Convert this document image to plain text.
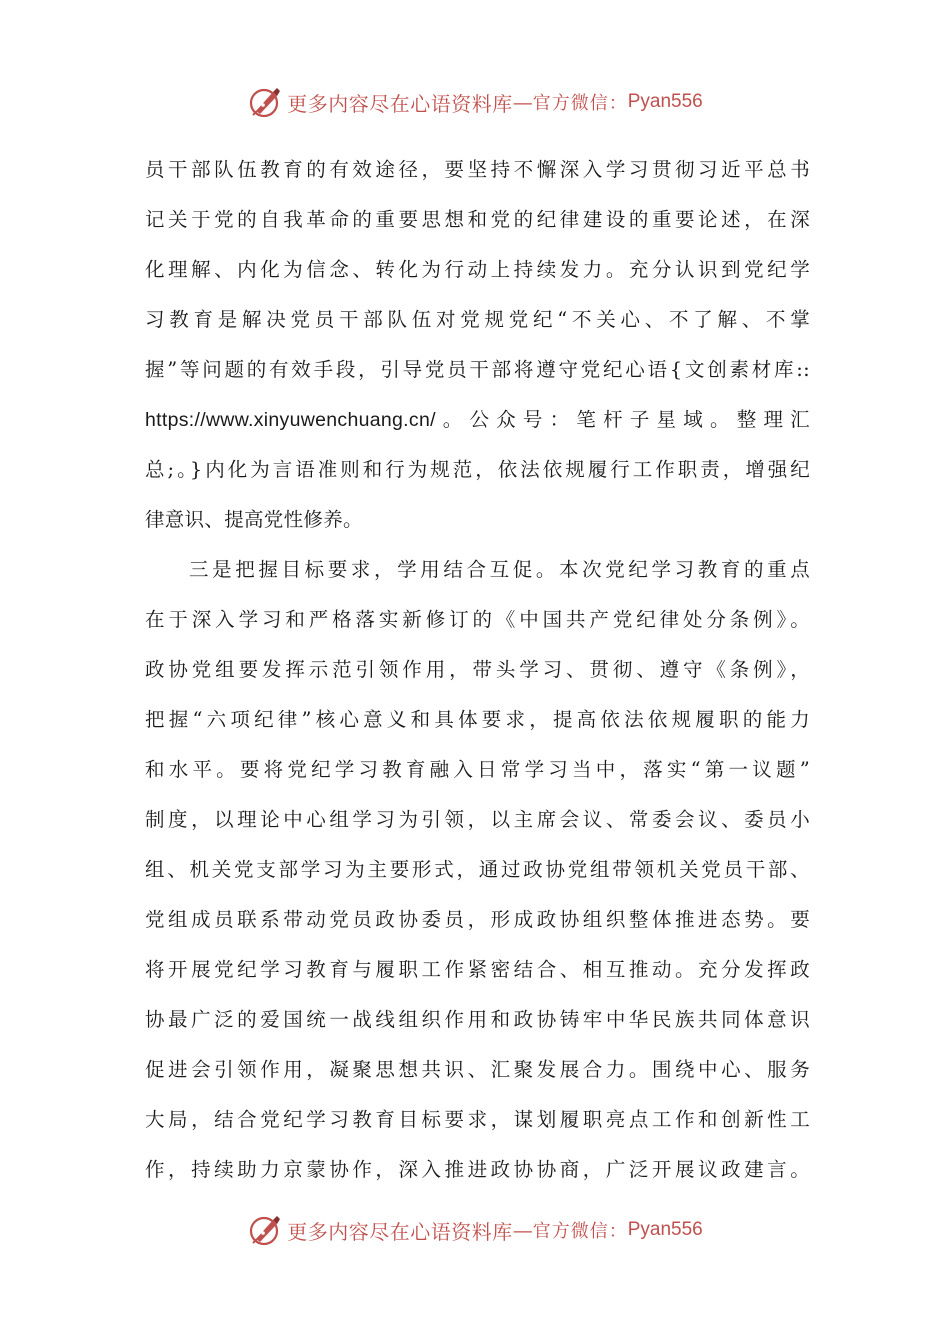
更多内容尽在心语资料库 — 官方微信： Pyan556
员干部队伍教育的有效途径，要坚持不懈深入学习贯彻习近平总书
记关于党的自我革命的重要思想和党的纪律建设的重要论述，在深
化理解、内化为信念、转化为行动上持续发力。充分认识到党纪学
习教育是解决党员干部队伍对党规党纪“不关心、不了解、不掌
握”等问题的有效手段，引导党员干部将遵守党纪心语{文创素材库::
https://www.xinyuwenchuang.cn/。公众号：笔杆子星域。整理汇
总;。}内化为言语准则和行为规范，依法依规履行工作职责，增强纪
律意识、提高党性修养。
三是把握目标要求，学用结合互促。本次党纪学习教育的重点
在于深入学习和严格落实新修订的《中国共产党纪律处分条例》。
政协党组要发挥示范引领作用，带头学习、贯彻、遵守《条例》，
把握“六项纪律”核心意义和具体要求，提高依法依规履职的能力
和水平。要将党纪学习教育融入日常学习当中，落实“第一议题”
制度，以理论中心组学习为引领，以主席会议、常委会议、委员小
组、机关党支部学习为主要形式，通过政协党组带领机关党员干部、
党组成员联系带动党员政协委员，形成政协组织整体推进态势。要
将开展党纪学习教育与履职工作紧密结合、相互推动。充分发挥政
协最广泛的爱国统一战线组织作用和政协铸牢中华民族共同体意识
促进会引领作用，凝聚思想共识、汇聚发展合力。围绕中心、服务
大局，结合党纪学习教育目标要求，谋划履职亮点工作和创新性工
作，持续助力京蒙协作，深入推进政协协商，广泛开展议政建言。
更多内容尽在心语资料库 — 官方微信： Pyan556
